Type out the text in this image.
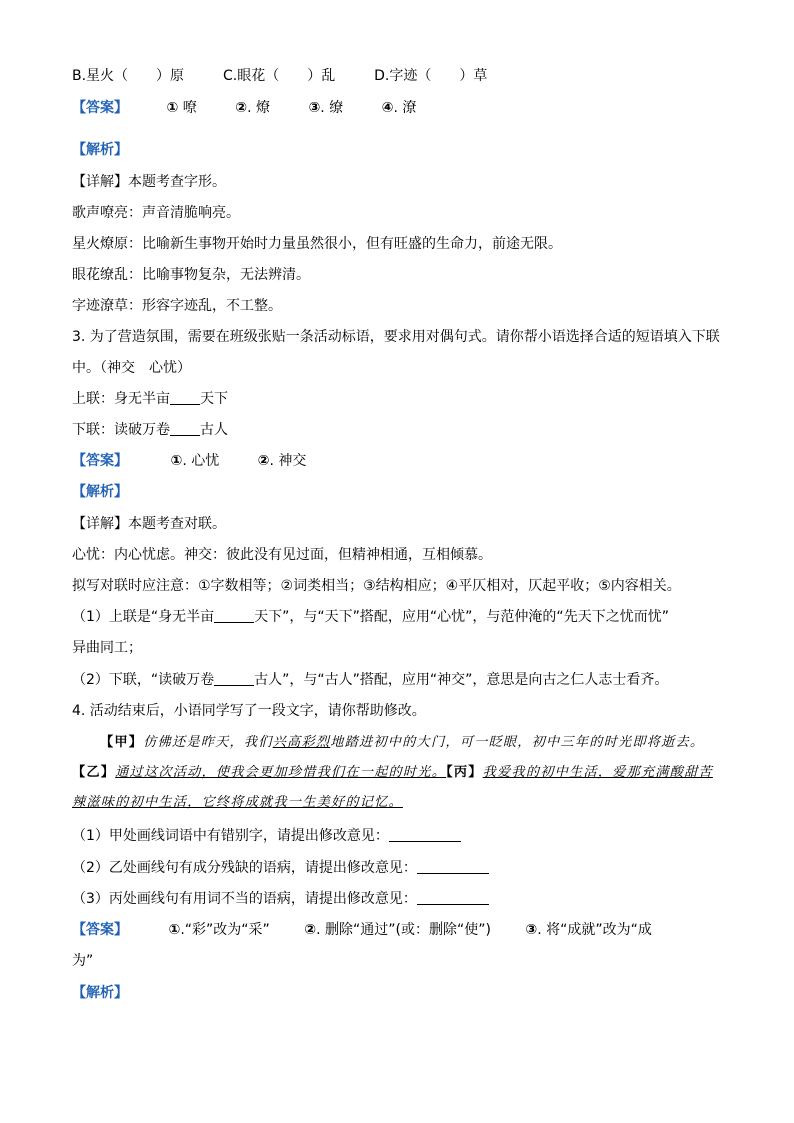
B.星火（　　）原	C.眼花（　　）乱	D.字迹（　　）草
【答案】	① 嘹	②. 燎	③. 缭	④. 潦
【解析】
【详解】本题考查字形。
歌声嘹亮：声音清脆响亮。
星火燎原：比喻新生事物开始时力量虽然很小，但有旺盛的生命力，前途无限。
眼花缭乱：比喻事物复杂，无法辨清。
字迹潦草：形容字迹乱，不工整。
3. 为了营造氛围，需要在班级张贴一条活动标语，要求用对偶句式。请你帮小语选择合适的短语填入下联
中。（神交　心忧）
上联：身无半亩 天下
下联：读破万卷 古人
【答案】	①. 心忧	②. 神交
【解析】
【详解】本题考查对联。
心忧：内心忧虑。神交：彼此没有见过面，但精神相通，互相倾慕。
拟写对联时应注意：①字数相等；②词类相当；③结构相应；④平仄相对，仄起平收；⑤内容相关。
（1）上联是“身无半亩	天下”，与“天下”搭配，应用“心忧”，与范仲淹的“先天下之忧而忧”
异曲同工；
（2）下联，“读破万卷	古人”，与“古人”搭配，应用“神交”，意思是向古之仁人志士看齐。
4. 活动结束后，小语同学写了一段文字，请你帮助修改。
【甲】仿佛还是昨天，我们兴高彩烈地踏进初中的大门，可一眨眼，初中三年的时光即将逝去。【乙】通过这次活动，使我会更加珍惜我们在一起的时光。【丙】我爱我的初中生活，爱那充满酸甜苦辣滋味的初中生活，它终将成就我一生美好的记忆。
（1）甲处画线词语中有错别字，请提出修改意见：
（2）乙处画线句有成分残缺的语病，请提出修改意见：
（3）丙处画线句有用词不当的语病，请提出修改意见：
【答案】	①.“彩”改为“采” ②. 删除“通过”(或：删除“使”) ③. 将“成就”改为“成
为”
【解析】
